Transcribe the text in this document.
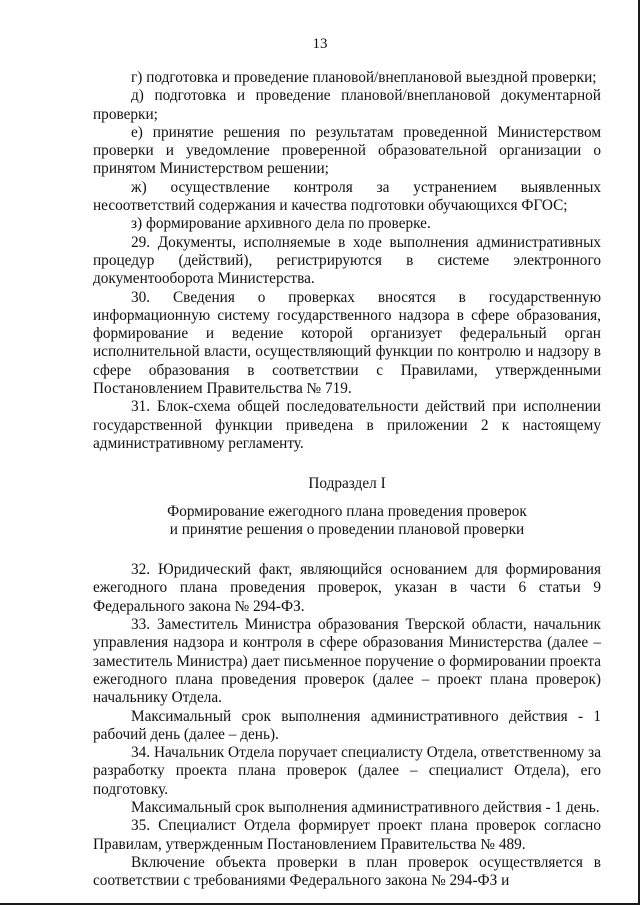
13

г) подготовка и проведение плановой/внеплановой выездной проверки;

д) подготовка и проведение плановой/внеплановой документарной проверки;

е) принятие решения по результатам проведенной Министерством проверки и уведомление проверенной образовательной организации о принятом Министерством решении;

ж) осуществление контроля за устранением выявленных несоответствий содержания и качества подготовки обучающихся ФГОС;

з) формирование архивного дела по проверке.

29. Документы, исполняемые в ходе выполнения административных процедур (действий), регистрируются в системе электронного документооборота Министерства.

30. Сведения о проверках вносятся в государственную информационную систему государственного надзора в сфере образования, формирование и ведение которой организует федеральный орган исполнительной власти, осуществляющий функции по контролю и надзору в сфере образования в соответствии с Правилами, утвержденными Постановлением Правительства № 719.

31. Блок-схема общей последовательности действий при исполнении государственной функции приведена в приложении 2 к настоящему административному регламенту.

Подраздел I

Формирование ежегодного плана проведения проверок

и принятие решения о проведении плановой проверки

32. Юридический факт, являющийся основанием для формирования ежегодного плана проведения проверок, указан в части 6 статьи 9 Федерального закона № 294-ФЗ.

33. Заместитель Министра образования Тверской области, начальник управления надзора и контроля в сфере образования Министерства (далее – заместитель Министра) дает письменное поручение о формировании проекта ежегодного плана проведения проверок (далее – проект плана проверок) начальнику Отдела.

Максимальный срок выполнения административного действия - 1 рабочий день (далее – день).

34. Начальник Отдела поручает специалисту Отдела, ответственному за разработку проекта плана проверок (далее – специалист Отдела), его подготовку.

Максимальный срок выполнения административного действия - 1 день.

35. Специалист Отдела формирует проект плана проверок согласно Правилам, утвержденным Постановлением Правительства № 489.

Включение объекта проверки в план проверок осуществляется в соответствии с требованиями Федерального закона № 294-ФЗ и
